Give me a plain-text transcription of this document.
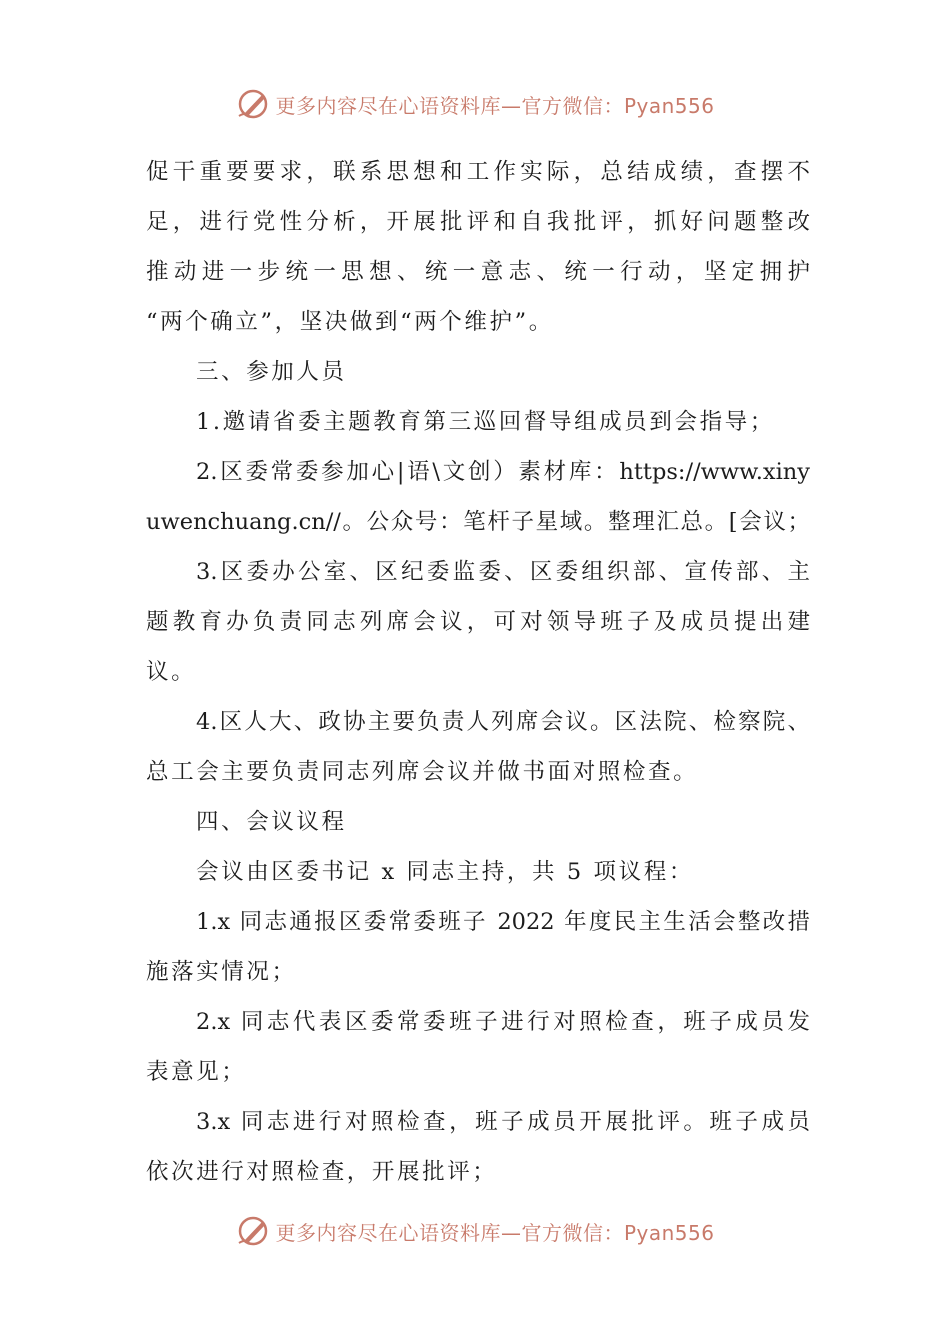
更多内容尽在心语资料库—官方微信：Pyan556
促干重要要求，联系思想和工作实际，总结成绩，查摆不
足，进行党性分析，开展批评和自我批评，抓好问题整改
推动进一步统一思想、统一意志、统一行动，坚定拥护
“两个确立”，坚决做到“两个维护”。
三、参加人员
1.邀请省委主题教育第三巡回督导组成员到会指导；
2.区委常委参加心|语\文创）素材库：https://www.xiny
uwenchuang.cn//。公众号：笔杆子星域。整理汇总。[会议；
3.区委办公室、区纪委监委、区委组织部、宣传部、主
题教育办负责同志列席会议，可对领导班子及成员提出建
议。
4.区人大、政协主要负责人列席会议。区法院、检察院、
总工会主要负责同志列席会议并做书面对照检查。
四、会议议程
会议由区委书记 x 同志主持，共 5 项议程：
1.x 同志通报区委常委班子 2022 年度民主生活会整改措
施落实情况；
2.x 同志代表区委常委班子进行对照检查，班子成员发
表意见；
3.x 同志进行对照检查，班子成员开展批评。班子成员
依次进行对照检查，开展批评；
更多内容尽在心语资料库—官方微信：Pyan556
